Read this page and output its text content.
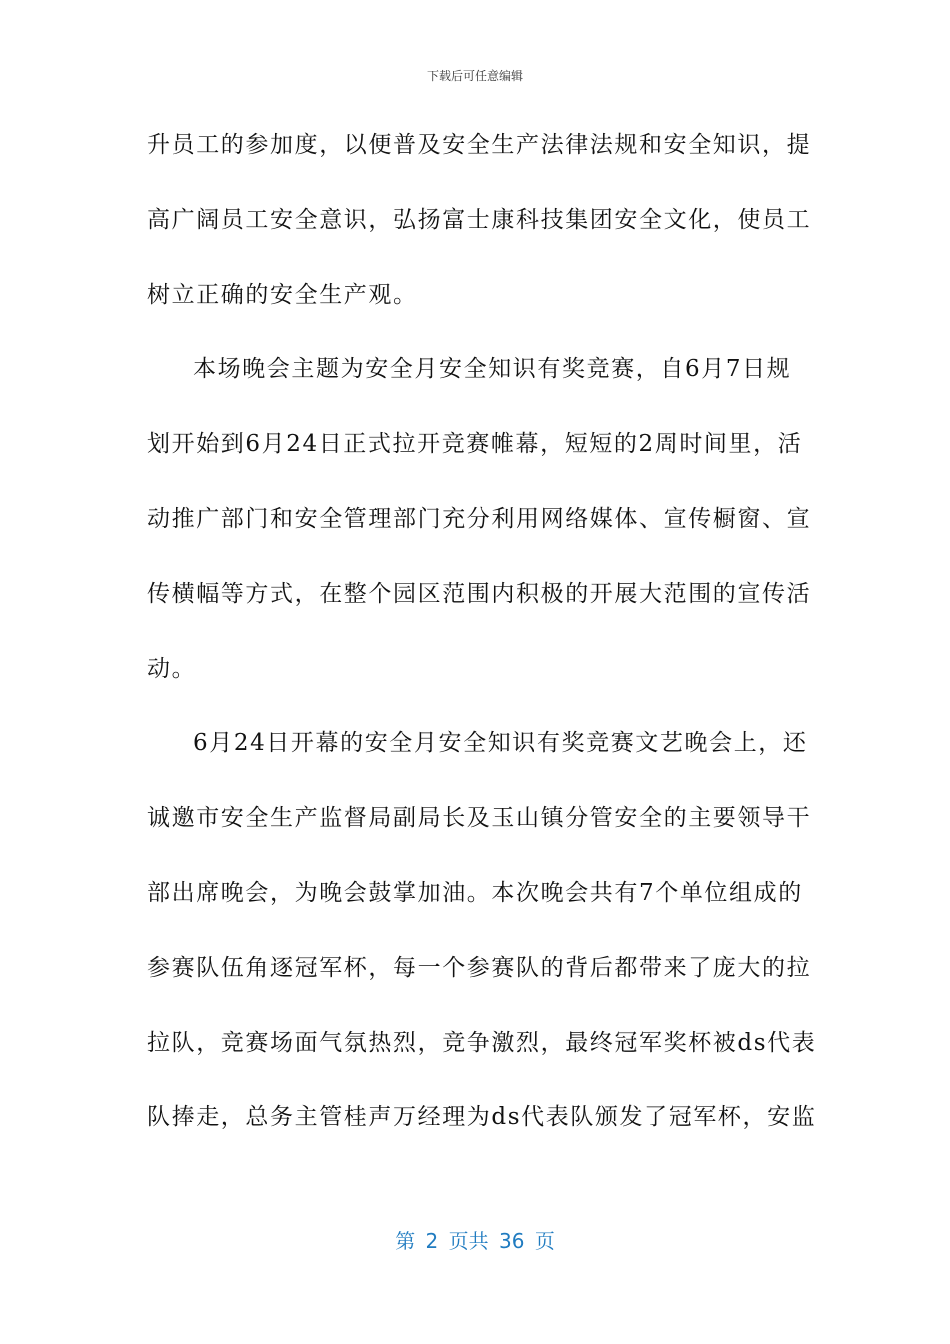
下载后可任意编辑
升员工的参加度，以便普及安全生产法律法规和安全知识，提
高广阔员工安全意识，弘扬富士康科技集团安全文化，使员工
树立正确的安全生产观。
本场晚会主题为安全月安全知识有奖竞赛，自6月7日规
划开始到6月24日正式拉开竞赛帷幕，短短的2周时间里，活
动推广部门和安全管理部门充分利用网络媒体、宣传橱窗、宣
传横幅等方式，在整个园区范围内积极的开展大范围的宣传活
动。
6月24日开幕的安全月安全知识有奖竞赛文艺晚会上，还
诚邀市安全生产监督局副局长及玉山镇分管安全的主要领导干
部出席晚会，为晚会鼓掌加油。本次晚会共有7个单位组成的
参赛队伍角逐冠军杯，每一个参赛队的背后都带来了庞大的拉
拉队，竞赛场面气氛热烈，竞争激烈，最终冠军奖杯被ds代表
队捧走，总务主管桂声万经理为ds代表队颁发了冠军杯，安监
第 2 页共 36 页
